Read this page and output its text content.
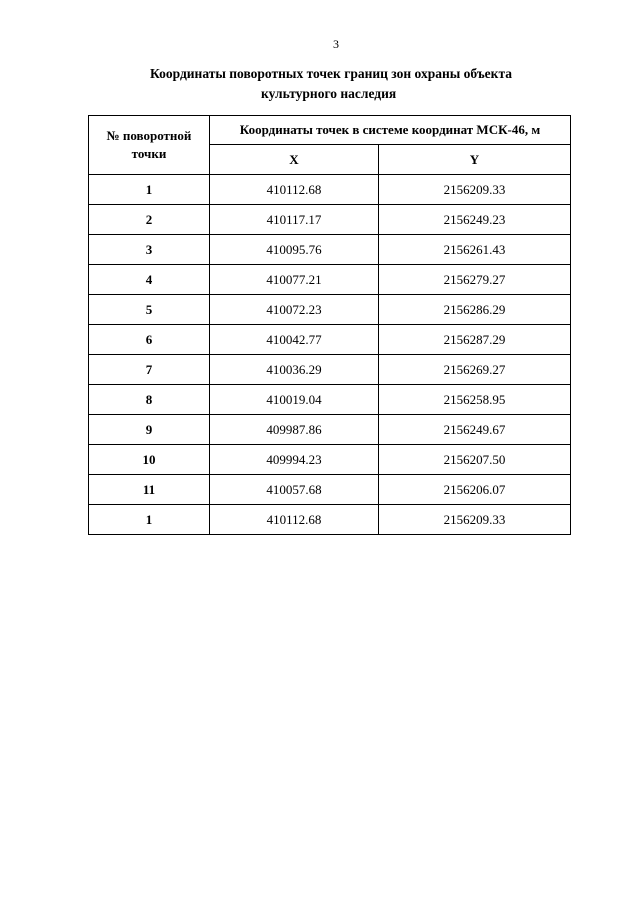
3
Координаты поворотных точек границ зон охраны объекта
культурного наследия
№ поворотной точки	Координаты точек в системе координат МСК-46, м	
	X	Y
1	410112.68	2156209.33
2	410117.17	2156249.23
3	410095.76	2156261.43
4	410077.21	2156279.27
5	410072.23	2156286.29
6	410042.77	2156287.29
7	410036.29	2156269.27
8	410019.04	2156258.95
9	409987.86	2156249.67
10	409994.23	2156207.50
11	410057.68	2156206.07
1	410112.68	2156209.33
